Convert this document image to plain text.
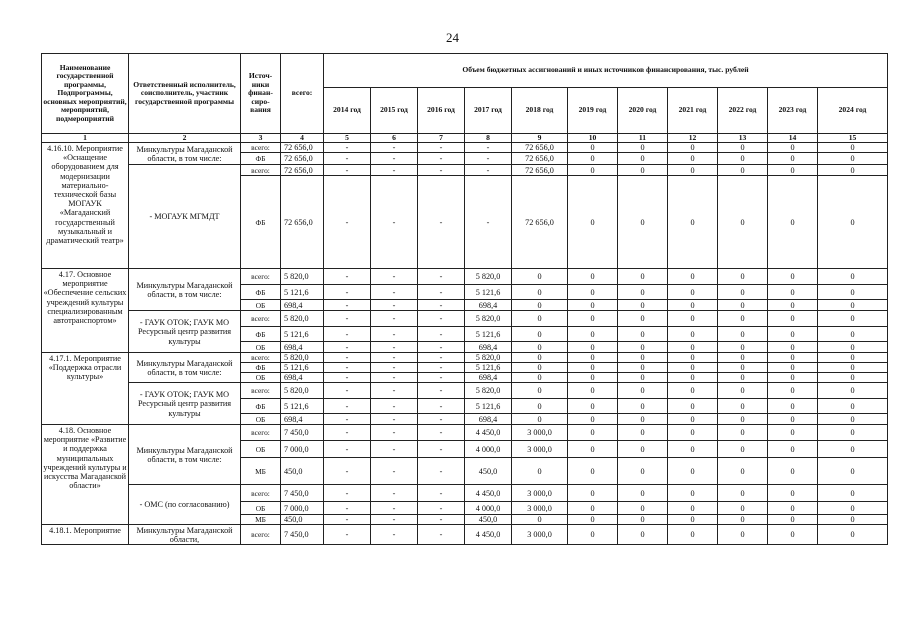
24
Наименование государственной программы, Подпрограммы, основных мероприятий, мероприятий, подмероприятий	Ответственный исполнитель, соисполнитель, участник государственной программы	Источ-ники финан-сиро-вания	всего:	Объем бюджетных ассигнований и иных источников финансирования, тыс. рублей										
				2014 год	2015 год	2016 год	2017 год	2018 год	2019 год	2020 год	2021 год	2022 год	2023 год	2024 год
1	2	3	4	5	6	7	8	9	10	11	12	13	14	15
4.16.10. Мероприятие «Оснащение оборудованием для модернизации материально-технической базы МОГАУК «Магаданский государственный музыкальный и драматический театр»	Минкультуры Магаданской области, в том числе:	всего:	72 656,0	-	-	-	-	72 656,0	0	0	0	0	0	0
		ФБ	72 656,0	-	-	-	-	72 656,0	0	0	0	0	0	0
	- МОГАУК МГМДТ	всего:	72 656,0	-	-	-	-	72 656,0	0	0	0	0	0	0
		ФБ	72 656,0	-	-	-	-	72 656,0	0	0	0	0	0	0
4.17. Основное мероприятие «Обеспечение сельских учреждений культуры специализированным автотранспортом»	Минкультуры Магаданской области, в том числе:	всего:	5 820,0	-	-	-	5 820,0	0	0	0	0	0	0	0
		ФБ	5 121,6	-	-	-	5 121,6	0	0	0	0	0	0	0
		ОБ	698,4	-	-	-	698,4	0	0	0	0	0	0	0
	- ГАУК ОТОК; ГАУК МО Ресурсный центр развития культуры	всего:	5 820,0	-	-	-	5 820,0	0	0	0	0	0	0	0
		ФБ	5 121,6	-	-	-	5 121,6	0	0	0	0	0	0	0
		ОБ	698,4	-	-	-	698,4	0	0	0	0	0	0	0
4.17.1. Мероприятие «Поддержка отрасли культуры»	Минкультуры Магаданской области, в том числе:	всего:	5 820,0	-	-	-	5 820,0	0	0	0	0	0	0	0
		ФБ	5 121,6	-	-	-	5 121,6	0	0	0	0	0	0	0
		ОБ	698,4	-	-	-	698,4	0	0	0	0	0	0	0
	- ГАУК ОТОК; ГАУК МО Ресурсный центр развития культуры	всего:	5 820,0	-	-	-	5 820,0	0	0	0	0	0	0	0
		ФБ	5 121,6	-	-	-	5 121,6	0	0	0	0	0	0	0
		ОБ	698,4	-	-	-	698,4	0	0	0	0	0	0	0
4.18. Основное мероприятие «Развитие и поддержка муниципальных учреждений культуры и искусства Магаданской области»	Минкультуры Магаданской области, в том числе:	всего:	7 450,0	-	-	-	4 450,0	3 000,0	0	0	0	0	0	0
		ОБ	7 000,0	-	-	-	4 000,0	3 000,0	0	0	0	0	0	0
		МБ	450,0	-	-	-	450,0	0	0	0	0	0	0	0
	- ОМС (по согласованию)	всего:	7 450,0	-	-	-	4 450,0	3 000,0	0	0	0	0	0	0
		ОБ	7 000,0	-	-	-	4 000,0	3 000,0	0	0	0	0	0	0
		МБ	450,0	-	-	-	450,0	0	0	0	0	0	0	0
4.18.1. Мероприятие	Минкультуры Магаданской области,	всего:	7 450,0	-	-	-	4 450,0	3 000,0	0	0	0	0	0	0
